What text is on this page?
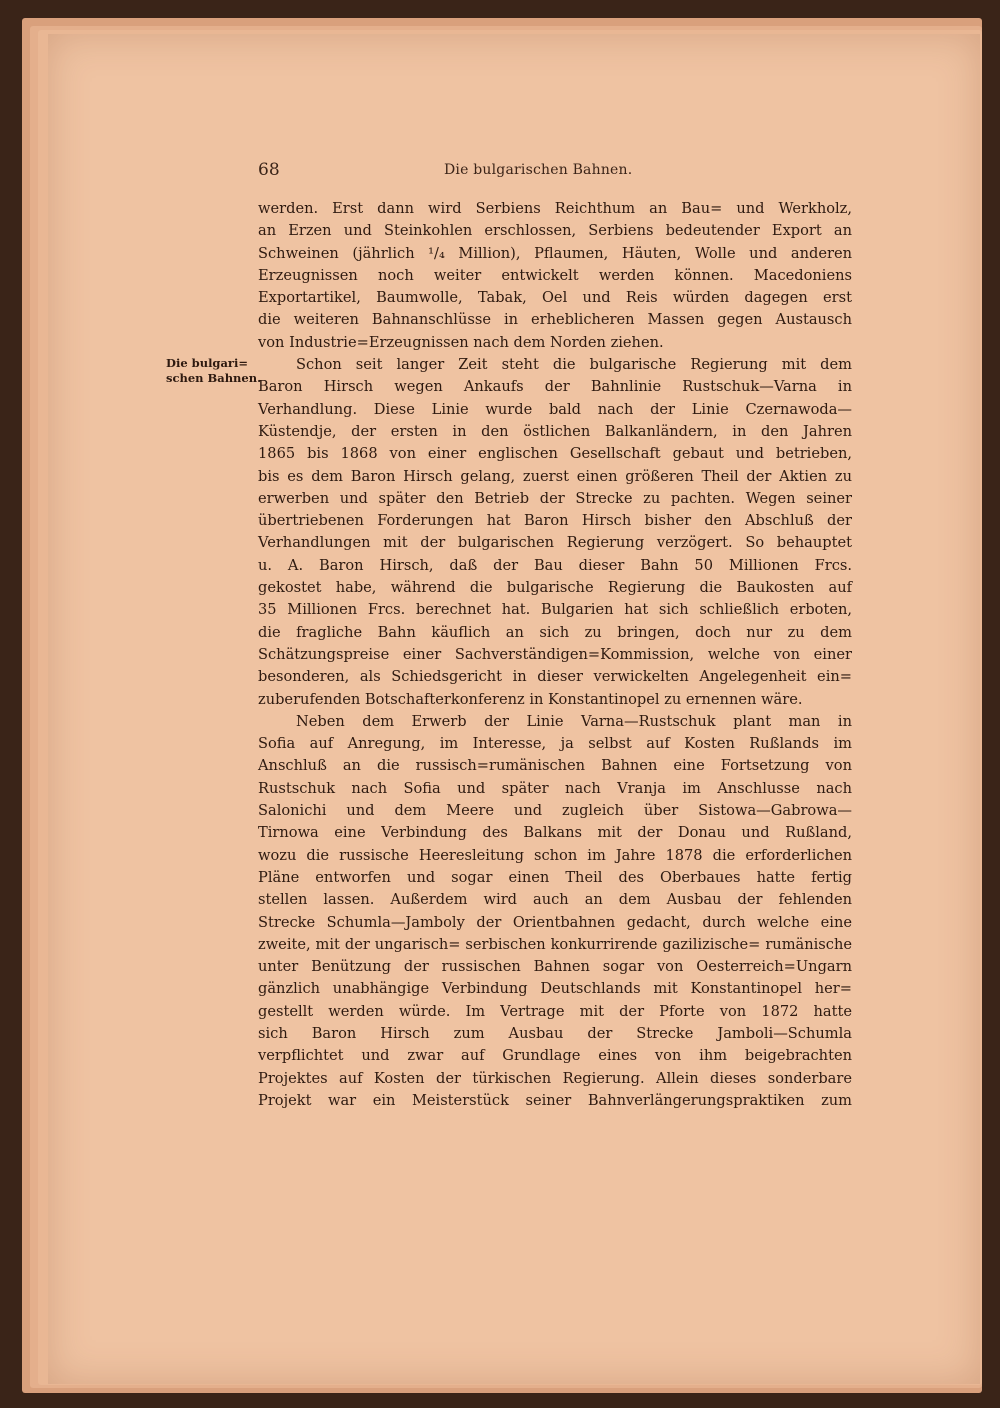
68	Die bulgarischen Bahnen.
Die bulgari=
schen Bahnen.
werden. Erst dann wird Serbiens Reichthum an Bau= und Werkholz,
an Erzen und Steinkohlen erschlossen, Serbiens bedeutender Export an
Schweinen (jährlich ¹/₄ Million), Pflaumen, Häuten, Wolle und anderen
Erzeugnissen noch weiter entwickelt werden können. Macedoniens
Exportartikel, Baumwolle, Tabak, Oel und Reis würden dagegen erst
die weiteren Bahnanschlüsse in erheblicheren Massen gegen Austausch
von Industrie=Erzeugnissen nach dem Norden ziehen.
Schon seit langer Zeit steht die bulgarische Regierung mit dem
Baron Hirsch wegen Ankaufs der Bahnlinie Rustschuk—Varna in
Verhandlung. Diese Linie wurde bald nach der Linie Czernawoda—
Küstendje, der ersten in den östlichen Balkanländern, in den Jahren
1865 bis 1868 von einer englischen Gesellschaft gebaut und betrieben,
bis es dem Baron Hirsch gelang, zuerst einen größeren Theil der Aktien zu
erwerben und später den Betrieb der Strecke zu pachten. Wegen seiner
übertriebenen Forderungen hat Baron Hirsch bisher den Abschluß der
Verhandlungen mit der bulgarischen Regierung verzögert. So behauptet
u. A. Baron Hirsch, daß der Bau dieser Bahn 50 Millionen Frcs.
gekostet habe, während die bulgarische Regierung die Baukosten auf
35 Millionen Frcs. berechnet hat. Bulgarien hat sich schließlich erboten,
die fragliche Bahn käuflich an sich zu bringen, doch nur zu dem
Schätzungspreise einer Sachverständigen=Kommission, welche von einer
besonderen, als Schiedsgericht in dieser verwickelten Angelegenheit ein=
zuberufenden Botschafterkonferenz in Konstantinopel zu ernennen wäre.
Neben dem Erwerb der Linie Varna—Rustschuk plant man in
Sofia auf Anregung, im Interesse, ja selbst auf Kosten Rußlands im
Anschluß an die russisch=rumänischen Bahnen eine Fortsetzung von
Rustschuk nach Sofia und später nach Vranja im Anschlusse nach
Salonichi und dem Meere und zugleich über Sistowa—Gabrowa—
Tirnowa eine Verbindung des Balkans mit der Donau und Rußland,
wozu die russische Heeresleitung schon im Jahre 1878 die erforderlichen
Pläne entworfen und sogar einen Theil des Oberbaues hatte fertig
stellen lassen. Außerdem wird auch an dem Ausbau der fehlenden
Strecke Schumla—Jamboly der Orientbahnen gedacht, durch welche eine
zweite, mit der ungarisch= serbischen konkurrirende gazilizische= rumänische
unter Benützung der russischen Bahnen sogar von Oesterreich=Ungarn
gänzlich unabhängige Verbindung Deutschlands mit Konstantinopel her=
gestellt werden würde. Im Vertrage mit der Pforte von 1872 hatte
sich Baron Hirsch zum Ausbau der Strecke Jamboli—Schumla
verpflichtet und zwar auf Grundlage eines von ihm beigebrachten
Projektes auf Kosten der türkischen Regierung. Allein dieses sonderbare
Projekt war ein Meisterstück seiner Bahnverlängerungspraktiken zum
